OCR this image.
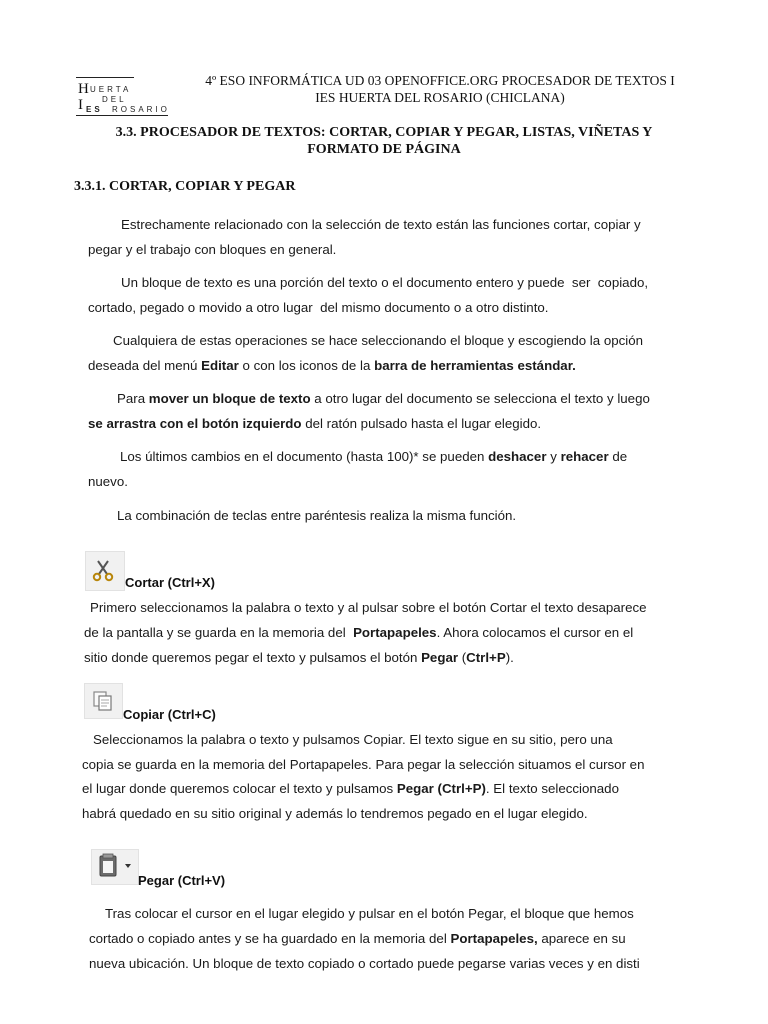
H UERTA
DEL
I ES ROSARIO
4º ESO INFORMÁTICA UD 03 OPENOFFICE.ORG PROCESADOR DE TEXTOS I
IES HUERTA DEL ROSARIO (CHICLANA)
3.3. PROCESADOR DE TEXTOS: CORTAR, COPIAR Y PEGAR, LISTAS, VIÑETAS Y
FORMATO DE PÁGINA
3.3.1. CORTAR, COPIAR Y PEGAR
Estrechamente relacionado con la selección de texto están las funciones cortar, copiar y
pegar y el trabajo con bloques en general.
Un bloque de texto es una porción del texto o el documento entero y puede  ser  copiado,
cortado, pegado o movido a otro lugar  del mismo documento o a otro distinto.
Cualquiera de estas operaciones se hace seleccionando el bloque y escogiendo la opción
deseada del menú Editar o con los iconos de la barra de herramientas estándar.
Para mover un bloque de texto a otro lugar del documento se selecciona el texto y luego
se arrastra con el botón izquierdo del ratón pulsado hasta el lugar elegido.
Los últimos cambios en el documento (hasta 100)* se pueden deshacer y rehacer de
nuevo.
La combinación de teclas entre paréntesis realiza la misma función.
Cortar (Ctrl+X)
Primero seleccionamos la palabra o texto y al pulsar sobre el botón Cortar el texto desaparece
de la pantalla y se guarda en la memoria del  Portapapeles. Ahora colocamos el cursor en el
sitio donde queremos pegar el texto y pulsamos el botón Pegar (Ctrl+P).
Copiar (Ctrl+C)
Seleccionamos la palabra o texto y pulsamos Copiar. El texto sigue en su sitio, pero una
copia se guarda en la memoria del Portapapeles. Para pegar la selección situamos el cursor en
el lugar donde queremos colocar el texto y pulsamos Pegar (Ctrl+P). El texto seleccionado
habrá quedado en su sitio original y además lo tendremos pegado en el lugar elegido.
Pegar (Ctrl+V)
Tras colocar el cursor en el lugar elegido y pulsar en el botón Pegar, el bloque que hemos
cortado o copiado antes y se ha guardado en la memoria del Portapapeles, aparece en su
nueva ubicación. Un bloque de texto copiado o cortado puede pegarse varias veces y en disti
